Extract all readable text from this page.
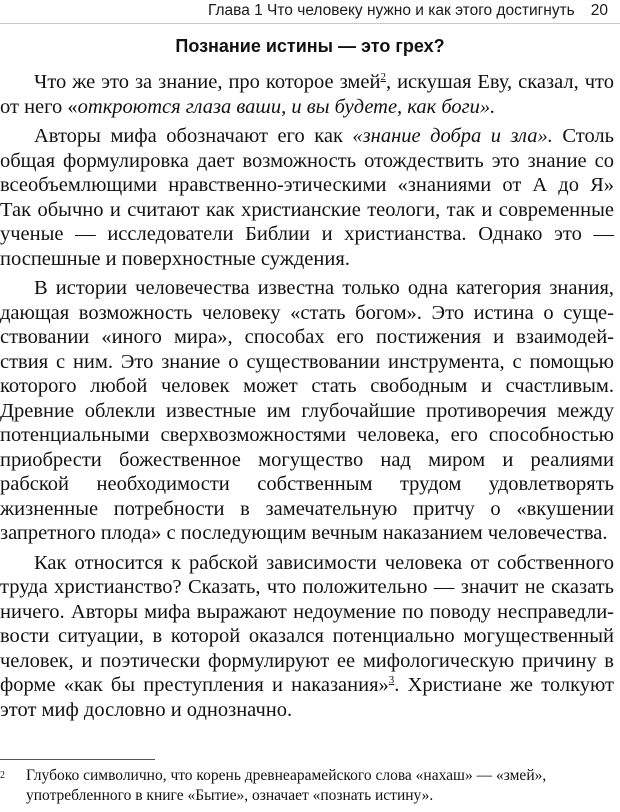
Глава 1 Что человеку нужно и как этого достигнуть 20
Познание истины — это грех?
Что же это за знание, про которое змей$^2$, искушая Еву, сказал, что
от него «откроются глаза ваши, и вы будете, как боги».
Авторы мифа обозначают его как «знание добра и зла». Столь
общая формулировка дает возможность отождествить это знание со
всеобъемлющими нравственно-этическими «знаниями от А до Я»
Так обычно и считают как христианские теологи, так и современные
ученые — исследователи Библии и христианства. Однако это —
поспешные и поверхностные суждения.
В истории человечества известна только одна категория знания,
дающая возможность человеку «стать богом». Это истина о суще-
ствовании «иного мира», способах его постижения и взаимодей-
ствия с ним. Это знание о существовании инструмента, с помощью
которого любой человек может стать свободным и счастливым.
Древние облекли известные им глубочайшие противоречия между
потенциальными сверхвозможностями человека, его способностью
приобрести божественное могущество над миром и реалиями
рабской необходимости собственным трудом удовлетворять
жизненные потребности в замечательную притчу о «вкушении
запретного плода» с последующим вечным наказанием человечества.
Как относится к рабской зависимости человека от собственного
труда христианство? Сказать, что положительно — значит не сказать
ничего. Авторы мифа выражают недоумение по поводу несправедли-
вости ситуации, в которой оказался потенциально могущественный
человек, и поэтически формулируют ее мифологическую причину в
форме «как бы преступления и наказания»$^3$. Христиане же толкуют
этот миф дословно и однозначно.
2 Глубоко символично, что корень древнеарамейского слова «нахаш» — «змей»,
употребленного в книге «Бытие», означает «познать истину».
